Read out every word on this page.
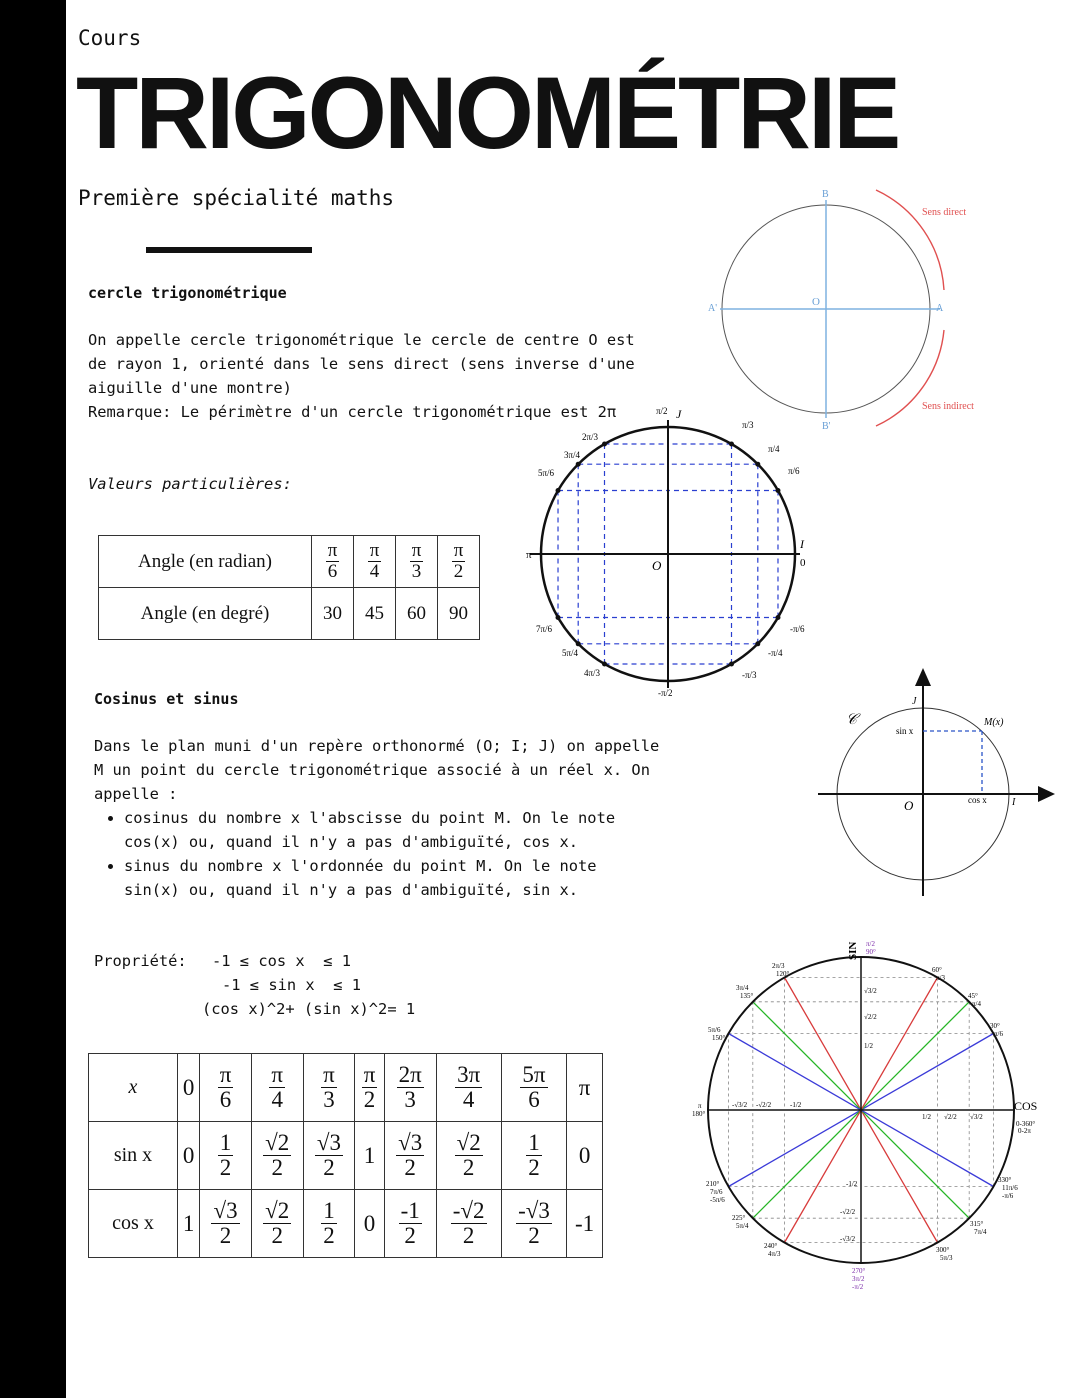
Cours
TRIGONOMÉTRIE
Première spécialité maths
cercle trigonométrique
On appelle cercle trigonométrique le cercle de centre O est de rayon 1, orienté dans le sens direct (sens inverse d'une aiguille d'une montre)
Remarque: Le périmètre d'un cercle trigonométrique est 2π
Valeurs particulières:
Angle (en radian)	$\frac{\pi}{6}$	$\frac{\pi}{4}$	$\frac{\pi}{3}$	$\frac{\pi}{2}$

Angle (en degré)	30	45	60	90
Cosinus et sinus
Dans le plan muni d'un repère orthonormé (O; I; J) on appelle M un point du cercle trigonométrique associé à un réel x. On appelle :
• cosinus du nombre x l'abscisse du point M. On le note cos(x) ou, quand il n'y a pas d'ambiguïté, cos x.
• sinus du nombre x l'ordonnée du point M. On le note sin(x) ou, quand il n'y a pas d'ambiguïté, sin x.
Propriété: -1 ≤ cos x  ≤ 1
-1 ≤ sin x  ≤ 1
(cos x)^2+ (sin x)^2= 1
x	0	$\frac{\pi}{6}$	$\frac{\pi}{4}$	$\frac{\pi}{3}$	$\frac{\pi}{2}$	$\frac{2\pi}{3}$	$\frac{3\pi}{4}$	$\frac{5\pi}{6}$	π
sin x	0	$\frac{1}{2}$	$\frac{√2}{2}$	$\frac{√3}{2}$	1	$\frac{√3}{2}$	$\frac{√2}{2}$	$\frac{1}{2}$	0
cos x	1	$\frac{√3}{2}$	$\frac{√2}{2}$	$\frac{1}{2}$	0	$\frac{-1}{2}$	$\frac{-√2}{2}$	$\frac{-√3}{2}$	-1
B
A
A'
B'
O
Sens direct
Sens indirect
O
I
0
J
π
π/2
2π/3
3π/4
5π/6
π/3
π/4
π/6
7π/6
5π/4
4π/3
-π/2
-π/3
-π/4
-π/6
𝒞
J
I
O
M(x)
sin x
cos x
SIN
COS
π/2
90°
270°
3π/2
-π/2
π
180°
0-360°
0-2π
2π/3
120°
3π/4
135°
5π/6
150°
60°
π/3
45°
π/4
30°
π/6
210°
7π/6
-5π/6
225°
5π/4
240°
4π/3	300°
5π/3
315°
7π/4
330°
11π/6
-π/6
√3/2
√2/2
1/2
-1/2
-√2/2
-√3/2
1/2 √2/2 √3/2
-√3/2 -√2/2	-1/2
